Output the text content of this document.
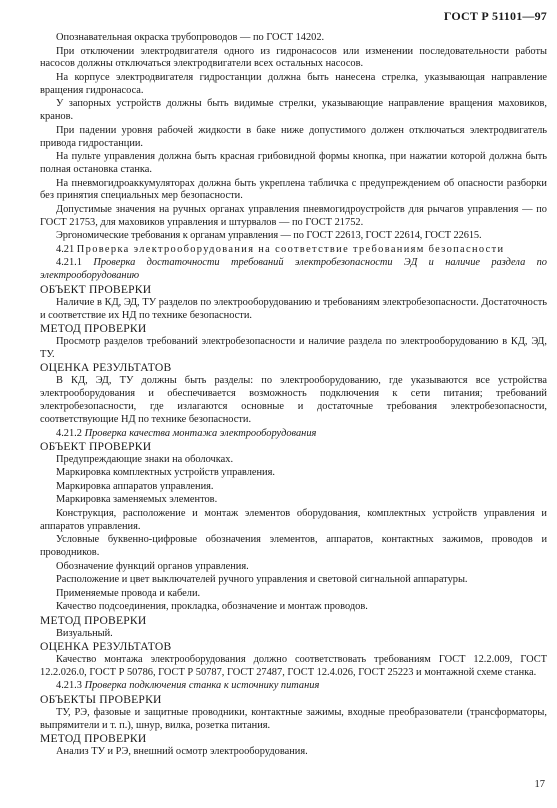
ГОСТ Р 51101—97
Опознавательная окраска трубопроводов — по ГОСТ 14202.
При отключении электродвигателя одного из гидронасосов или изменении последовательности работы насосов должны отключаться электродвигатели всех остальных насосов.
На корпусе электродвигателя гидростанции должна быть нанесена стрелка, указывающая направление вращения гидронасоса.
У запорных устройств должны быть видимые стрелки, указывающие направление вращения маховиков, кранов.
При падении уровня рабочей жидкости в баке ниже допустимого должен отключаться электродвигатель привода гидростанции.
На пульте управления должна быть красная грибовидной формы кнопка, при нажатии которой должна быть полная остановка станка.
На пневмогидроаккумуляторах должна быть укреплена табличка с предупреждением об опасности разборки без принятия специальных мер безопасности.
Допустимые значения на ручных органах управления пневмогидроустройств для рычагов управления — по ГОСТ 21753, для маховиков управления и штурвалов — по ГОСТ 21752.
Эргономические требования к органам управления — по ГОСТ 22613, ГОСТ 22614, ГОСТ 22615.
4.21 Проверка электрооборудования на соответствие требованиям безопасности
4.21.1 Проверка достаточности требований электробезопасности ЭД и наличие раздела по электрооборудованию
ОБЪЕКТ ПРОВЕРКИ
Наличие в КД, ЭД, ТУ разделов по электрооборудованию и требованиям электробезопасности. Достаточность и соответствие их НД по технике безопасности.
МЕТОД ПРОВЕРКИ
Просмотр разделов требований электробезопасности и наличие раздела по электрооборудованию в КД, ЭД, ТУ.
ОЦЕНКА РЕЗУЛЬТАТОВ
В КД, ЭД, ТУ должны быть разделы: по электрооборудованию, где указываются все устройства электрооборудования и обеспечивается возможность подключения к сети питания; требований электробезопасности, где излагаются основные и достаточные требования электробезопасности, соответствующие НД по технике безопасности.
4.21.2 Проверка качества монтажа электрооборудования
ОБЪЕКТ ПРОВЕРКИ
Предупреждающие знаки на оболочках.
Маркировка комплектных устройств управления.
Маркировка аппаратов управления.
Маркировка заменяемых элементов.
Конструкция, расположение и монтаж элементов оборудования, комплектных устройств управления и аппаратов управления.
Условные буквенно-цифровые обозначения элементов, аппаратов, контактных зажимов, проводов и проводников.
Обозначение функций органов управления.
Расположение и цвет выключателей ручного управления и световой сигнальной аппаратуры.
Применяемые провода и кабели.
Качество подсоединения, прокладка, обозначение и монтаж проводов.
МЕТОД ПРОВЕРКИ
Визуальный.
ОЦЕНКА РЕЗУЛЬТАТОВ
Качество монтажа электрооборудования должно соответствовать требованиям ГОСТ 12.2.009, ГОСТ 12.2.026.0, ГОСТ Р 50786, ГОСТ Р 50787, ГОСТ 27487, ГОСТ 12.4.026, ГОСТ 25223 и монтажной схеме станка.
4.21.3 Проверка подключения станка к источнику питания
ОБЪЕКТЫ ПРОВЕРКИ
ТУ, РЭ, фазовые и защитные проводники, контактные зажимы, входные преобразователи (трансформаторы, выпрямители и т. п.), шнур, вилка, розетка питания.
МЕТОД ПРОВЕРКИ
Анализ ТУ и РЭ, внешний осмотр электрооборудования.
17
